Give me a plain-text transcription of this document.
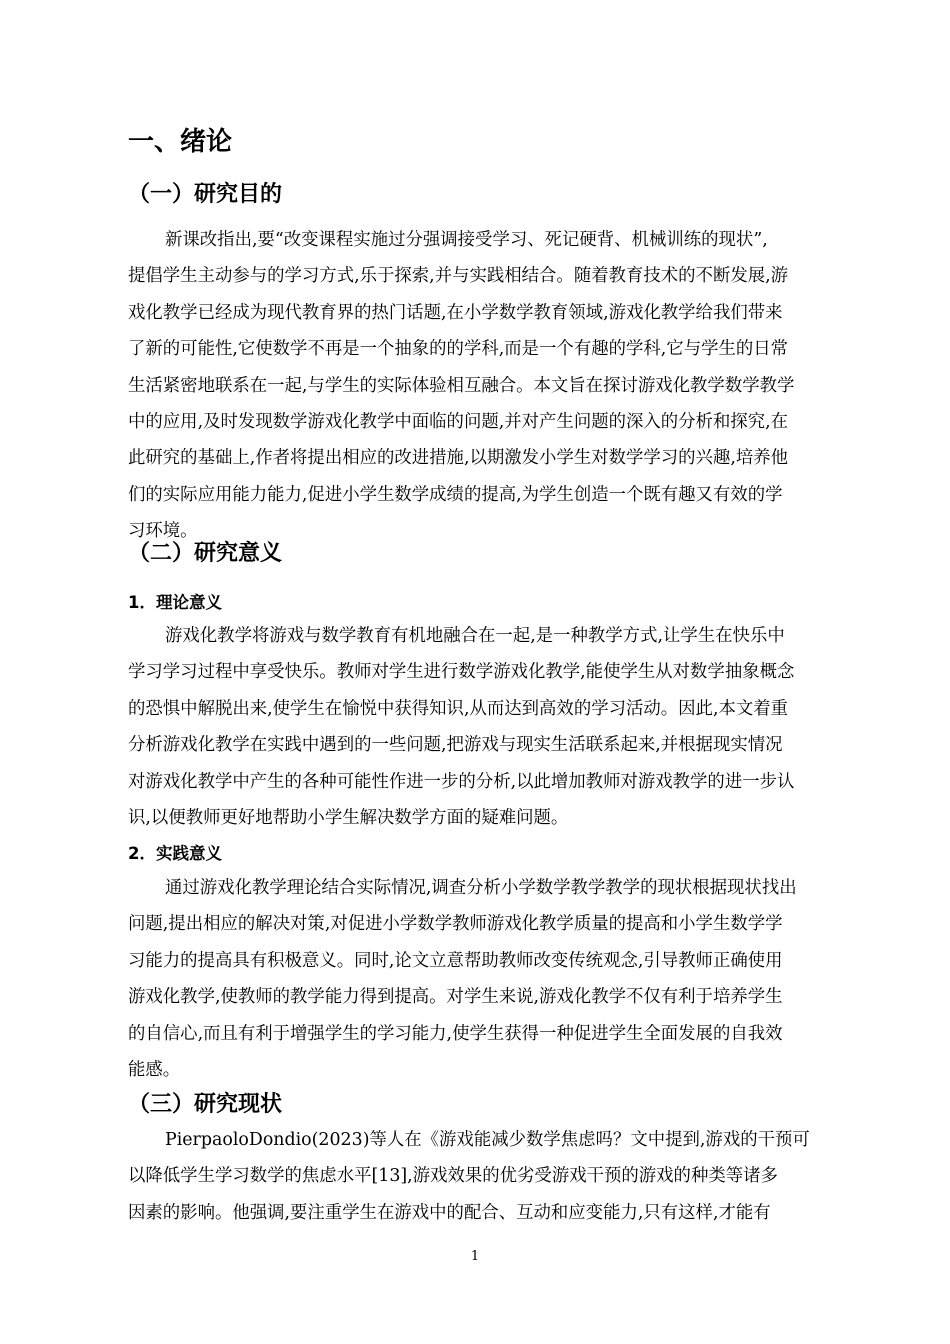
一、绪论
（一）研究目的
新课改指出,要“改变课程实施过分强调接受学习、死记硬背、机械训练的现状”,
提倡学生主动参与的学习方式,乐于探索,并与实践相结合。随着教育技术的不断发展,游
戏化教学已经成为现代教育界的热门话题,在小学数学教育领域,游戏化教学给我们带来
了新的可能性,它使数学不再是一个抽象的的学科,而是一个有趣的学科,它与学生的日常
生活紧密地联系在一起,与学生的实际体验相互融合。本文旨在探讨游戏化教学数学教学
中的应用,及时发现数学游戏化教学中面临的问题,并对产生问题的深入的分析和探究,在
此研究的基础上,作者将提出相应的改进措施,以期激发小学生对数学学习的兴趣,培养他
们的实际应用能力能力,促进小学生数学成绩的提高,为学生创造一个既有趣又有效的学
习环境。
（二）研究意义
1．理论意义
游戏化教学将游戏与数学教育有机地融合在一起,是一种教学方式,让学生在快乐中
学习学习过程中享受快乐。教师对学生进行数学游戏化教学,能使学生从对数学抽象概念
的恐惧中解脱出来,使学生在愉悦中获得知识,从而达到高效的学习活动。因此,本文着重
分析游戏化教学在实践中遇到的一些问题,把游戏与现实生活联系起来,并根据现实情况
对游戏化教学中产生的各种可能性作进一步的分析,以此增加教师对游戏教学的进一步认
识,以便教师更好地帮助小学生解决数学方面的疑难问题。
2．实践意义
通过游戏化教学理论结合实际情况,调查分析小学数学教学教学的现状根据现状找出
问题,提出相应的解决对策,对促进小学数学教师游戏化教学质量的提高和小学生数学学
习能力的提高具有积极意义。同时,论文立意帮助教师改变传统观念,引导教师正确使用
游戏化教学,使教师的教学能力得到提高。对学生来说,游戏化教学不仅有利于培养学生
的自信心,而且有利于增强学生的学习能力,使学生获得一种促进学生全面发展的自我效
能感。
（三）研究现状
PierpaoloDondio(2023)等人在《游戏能减少数学焦虑吗？文中提到,游戏的干预可
以降低学生学习数学的焦虑水平[13],游戏效果的优劣受游戏干预的游戏的种类等诸多
因素的影响。他强调,要注重学生在游戏中的配合、互动和应变能力,只有这样,才能有
1
